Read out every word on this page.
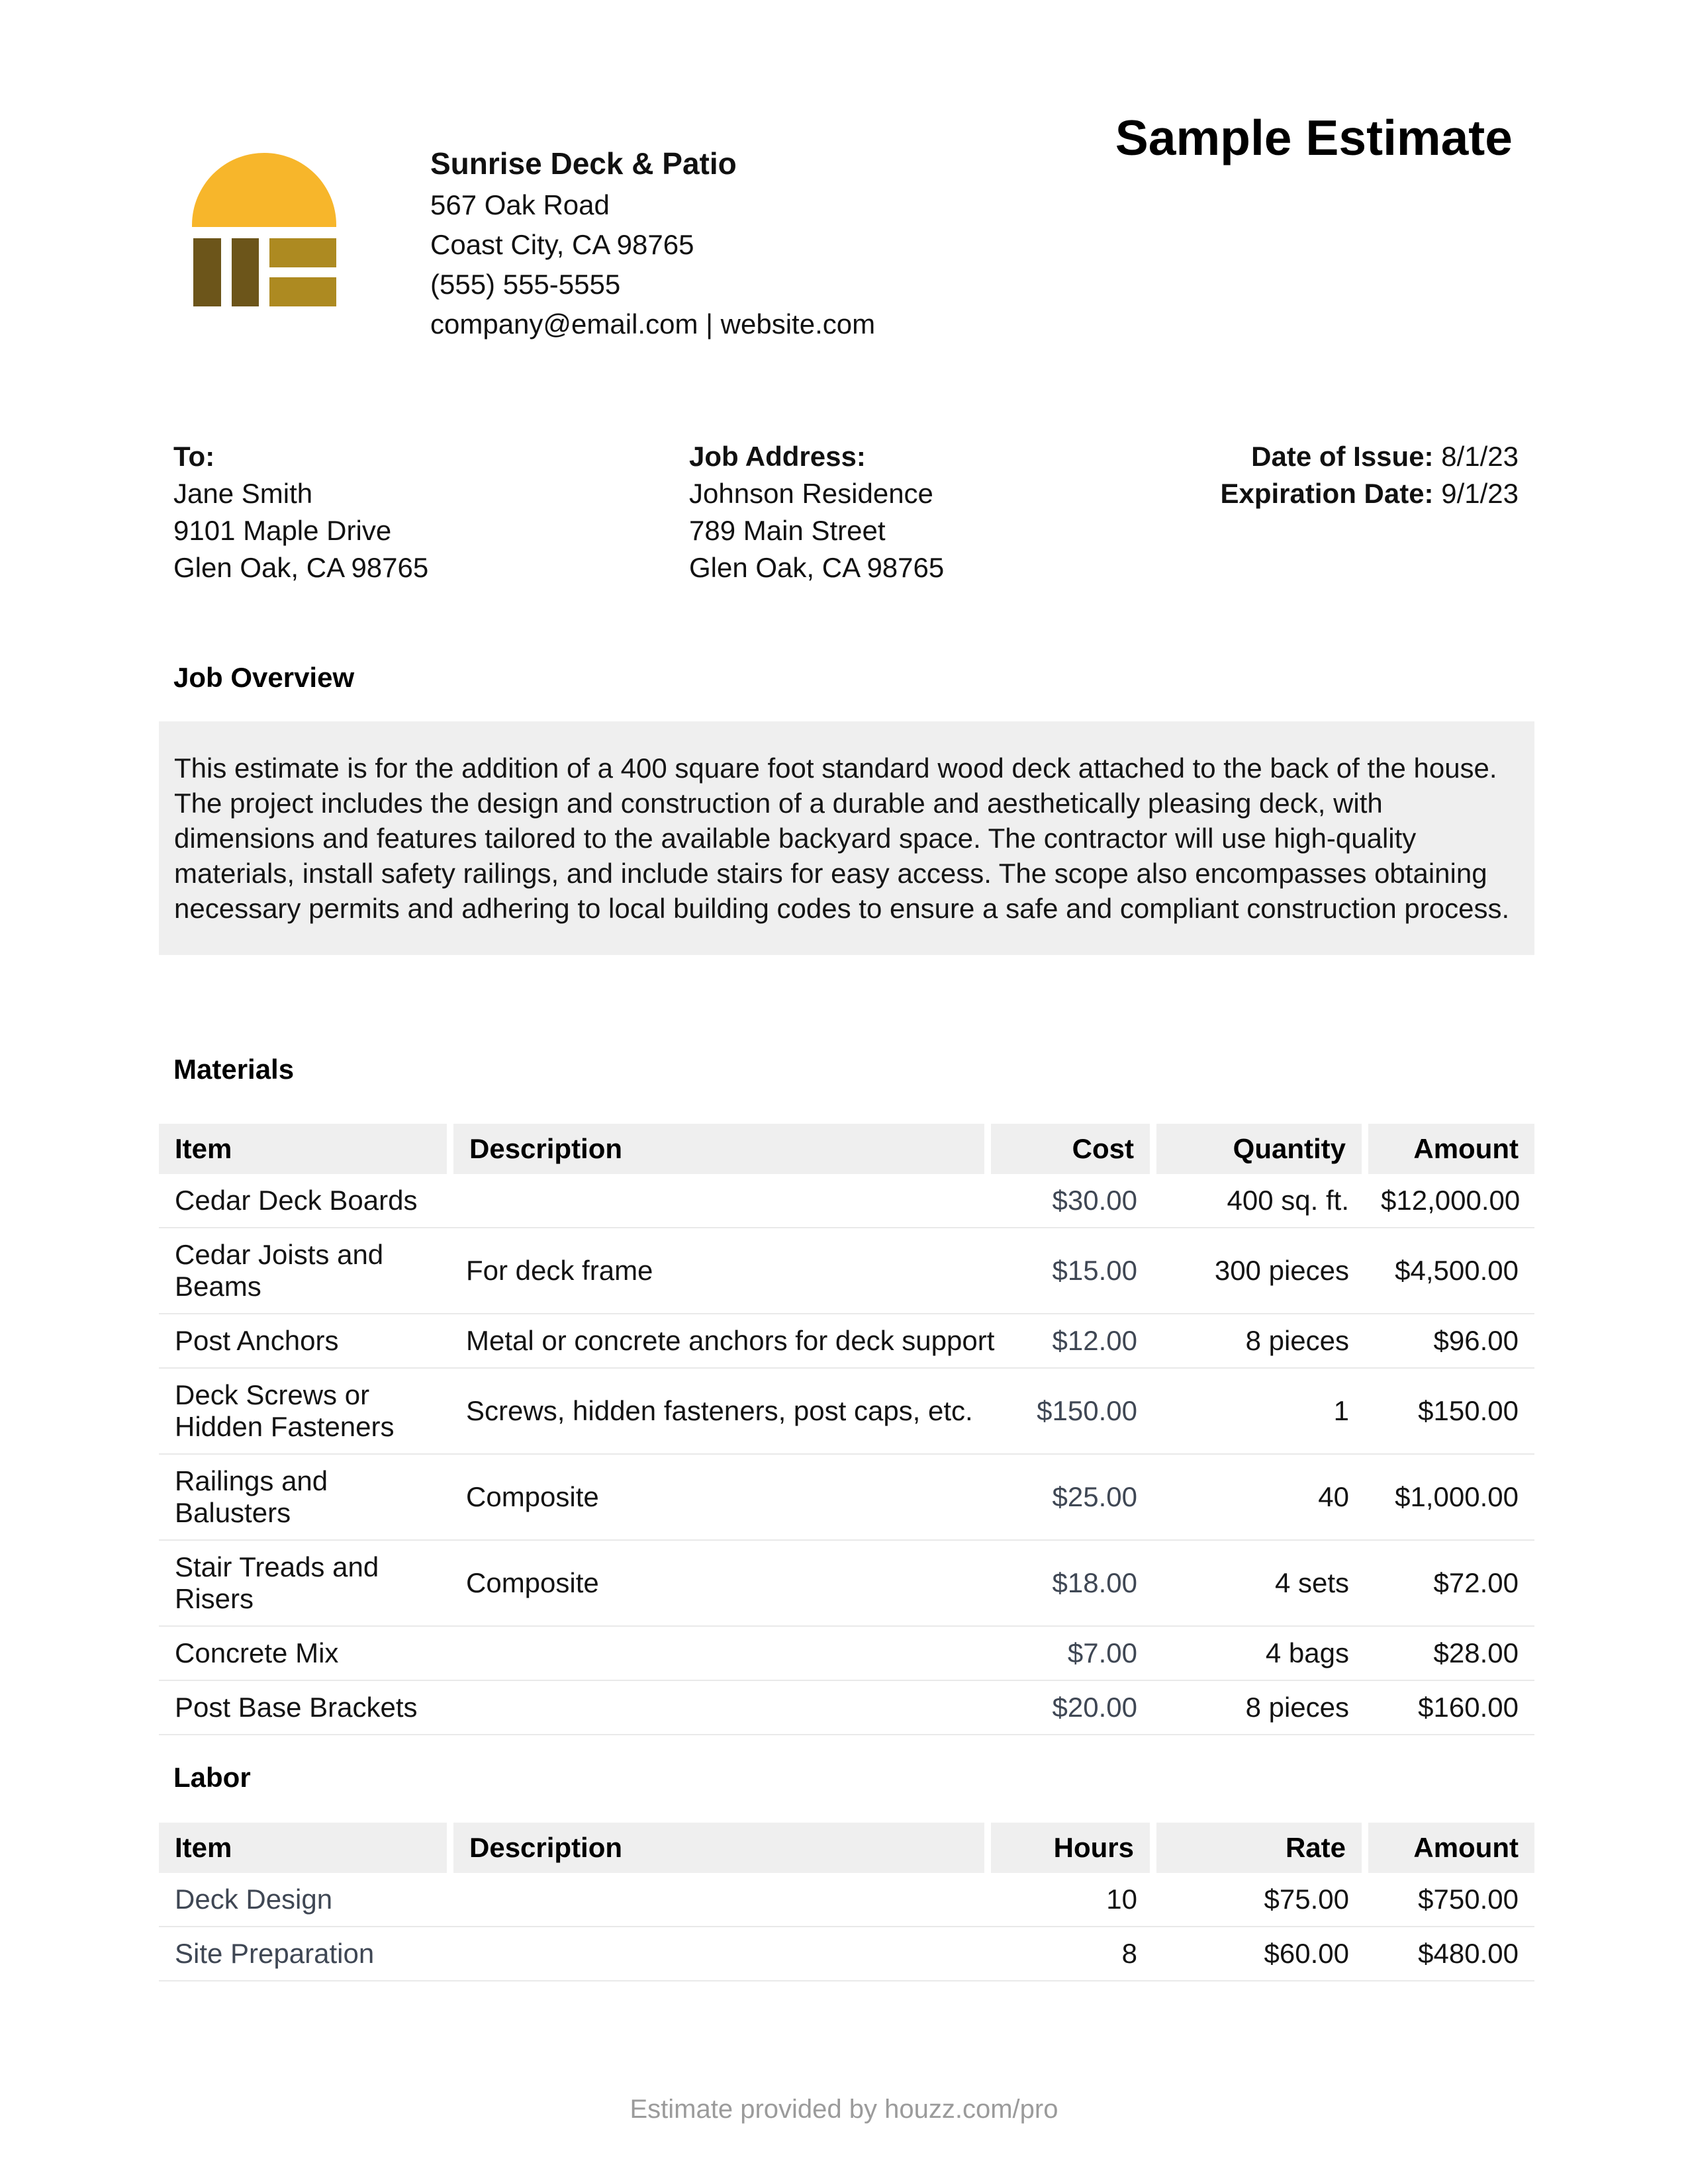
Sunrise Deck & Patio
567 Oak Road
Coast City, CA 98765
(555) 555-5555
company@email.com | website.com
Sample Estimate
To:
Jane Smith
9101 Maple Drive
Glen Oak, CA 98765
Job Address:
Johnson Residence
789 Main Street
Glen Oak, CA 98765
Date of Issue: 8/1/23
Expiration Date: 9/1/23
Job Overview
This estimate is for the addition of a 400 square foot standard wood deck attached to the back of the house. The project includes the design and construction of a durable and aesthetically pleasing deck, with dimensions and features tailored to the available backyard space. The contractor will use high-quality materials, install safety railings, and include stairs for easy access. The scope also encompasses obtaining necessary permits and adhering to local building codes to ensure a safe and compliant construction process.
Materials
Item	Description	Cost	Quantity	Amount
Cedar Deck Boards		$30.00	400 sq. ft.	$12,000.00
Cedar Joists and Beams	For deck frame	$15.00	300 pieces	$4,500.00
Post Anchors	Metal or concrete anchors for deck support	$12.00	8 pieces	$96.00
Deck Screws or Hidden Fasteners	Screws, hidden fasteners, post caps, etc.	$150.00	1	$150.00
Railings and Balusters	Composite	$25.00	40	$1,000.00
Stair Treads and Risers	Composite	$18.00	4 sets	$72.00
Concrete Mix		$7.00	4 bags	$28.00
Post Base Brackets		$20.00	8 pieces	$160.00
Labor
Item	Description	Hours	Rate	Amount
Deck Design		10	$75.00	$750.00
Site Preparation		8	$60.00	$480.00
Estimate provided by houzz.com/pro
